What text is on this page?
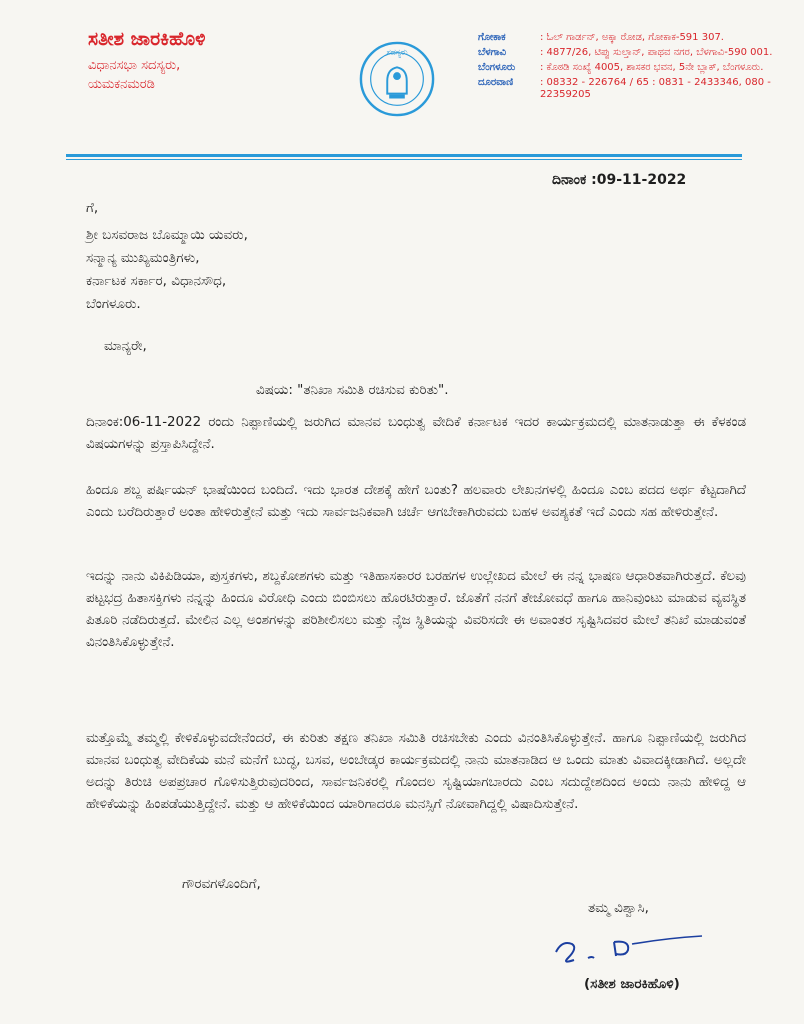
ಸತೀಶ ಜಾರಕಿಹೊಳಿ
ವಿಧಾನಸಭಾ ಸದಸ್ಯರು,
ಯಮಕನಮರಡಿ
ಸದಸ್ಯರು
ಗೋಕಾಕ	: ಓಲ್ ಗಾರ್ಡನ್, ಅಕ್ಕಾ ರೋಡ, ಗೋಕಾಕ-591 307.
ಬೆಳಗಾವಿ	: 4877/26, ಟಿಪ್ಪು ಸುಲ್ತಾನ್, ಪಾಥವ ನಗರ, ಬೆಳಗಾವಿ-590 001.
ಬೆಂಗಳೂರು	: ಕೊಠಡಿ ಸಂಖ್ಯೆ 4005, ಶಾಸಕರ ಭವನ, 5ನೇ ಬ್ಲಾಕ್, ಬೆಂಗಳೂರು.
ದೂರವಾಣಿ	: 08332 - 226764 / 65 : 0831 - 2433346, 080 - 22359205
ದಿನಾಂಕ :09-11-2022
ಗೆ,
ಶ್ರೀ ಬಸವರಾಜ ಬೊಮ್ಮಾಯಿ ಯವರು,
ಸನ್ಮಾನ್ಯ ಮುಖ್ಯಮಂತ್ರಿಗಳು,
ಕರ್ನಾಟಕ ಸರ್ಕಾರ, ವಿಧಾನಸೌಧ,
ಬೆಂಗಳೂರು.
ಮಾನ್ಯರೇ,
ವಿಷಯ: "ತನಿಖಾ ಸಮಿತಿ ರಚಿಸುವ ಕುರಿತು".
ದಿನಾಂಕ:06-11-2022 ರಂದು ನಿಪ್ಪಾಣಿಯಲ್ಲಿ ಜರುಗಿದ ಮಾನವ ಬಂಧುತ್ವ ವೇದಿಕೆ ಕರ್ನಾಟಕ ಇದರ ಕಾರ್ಯಕ್ರಮದಲ್ಲಿ ಮಾತನಾಡುತ್ತಾ ಈ ಕೆಳಕಂಡ ವಿಷಯಗಳನ್ನು ಪ್ರಸ್ತಾಪಿಸಿದ್ದೇನೆ.
ಹಿಂದೂ ಶಬ್ದ ಪರ್ಷಿಯನ್ ಭಾಷೆಯಿಂದ ಬಂದಿದೆ. ಇದು ಭಾರತ ದೇಶಕ್ಕೆ ಹೇಗೆ ಬಂತು? ಹಲವಾರು ಲೇಖನಗಳಲ್ಲಿ ಹಿಂದೂ ಎಂಬ ಪದದ ಅರ್ಥ ಕೆಟ್ಟದಾಗಿದೆ ಎಂದು ಬರೆದಿರುತ್ತಾರೆ ಅಂತಾ ಹೇಳಿರುತ್ತೇನೆ ಮತ್ತು ಇದು ಸಾರ್ವಜನಿಕವಾಗಿ ಚರ್ಚೆ ಆಗಬೇಕಾಗಿರುವದು ಬಹಳ ಅವಶ್ಯಕತೆ ಇದೆ ಎಂದು ಸಹ ಹೇಳಿರುತ್ತೇನೆ.
ಇದನ್ನು ನಾನು ವಿಕಿಪಿಡಿಯಾ, ಪುಸ್ತಕಗಳು, ಶಬ್ದಕೋಶಗಳು ಮತ್ತು ಇತಿಹಾಸಕಾರರ ಬರಹಗಳ ಉಲ್ಲೇಖದ ಮೇಲೆ ಈ ನನ್ನ ಭಾಷಣ ಆಧಾರಿತವಾಗಿರುತ್ತದೆ. ಕೆಲವು ಪಟ್ಟಭದ್ರ ಹಿತಾಸಕ್ತಿಗಳು ನನ್ನನ್ನು ಹಿಂದೂ ವಿರೋಧಿ ಎಂದು ಬಿಂಬಿಸಲು ಹೊರಟಿರುತ್ತಾರೆ. ಜೊತೆಗೆ ನನಗೆ ತೇಜೋವಧೆ ಹಾಗೂ ಹಾನಿವುಂಟು ಮಾಡುವ ವ್ಯವಸ್ಥಿತ ಪಿತೂರಿ ನಡೆದಿರುತ್ತದೆ. ಮೇಲಿನ ಎಲ್ಲ ಅಂಶಗಳನ್ನು ಪರಿಶೀಲಿಸಲು ಮತ್ತು ನೈಜ ಸ್ಥಿತಿಯನ್ನು ವಿವರಿಸದೇ ಈ ಅವಾಂತರ ಸೃಷ್ಟಿಸಿದವರ ಮೇಲೆ ತನಿಖೆ ಮಾಡುವಂತೆ ವಿನಂತಿಸಿಕೊಳ್ಳುತ್ತೇನೆ.
ಮತ್ತೊಮ್ಮೆ ತಮ್ಮಲ್ಲಿ ಕೇಳಿಕೊಳ್ಳುವದೇನೆಂದರೆ, ಈ ಕುರಿತು ತಕ್ಷಣ ತನಿಖಾ ಸಮಿತಿ ರಚಿಸಬೇಕು ಎಂದು ವಿನಂತಿಸಿಕೊಳ್ಳುತ್ತೇನೆ. ಹಾಗೂ ನಿಪ್ಪಾಣಿಯಲ್ಲಿ ಜರುಗಿದ ಮಾನವ ಬಂಧುತ್ವ ವೇದಿಕೆಯ ಮನೆ ಮನೆಗೆ ಬುದ್ಧ, ಬಸವ, ಅಂಬೇಡ್ಕರ ಕಾರ್ಯಕ್ರಮದಲ್ಲಿ ನಾನು ಮಾತನಾಡಿದ ಆ ಒಂದು ಮಾತು ವಿವಾದಕ್ಕೀಡಾಗಿದೆ. ಅಲ್ಲದೇ ಅದನ್ನು ತಿರುಚಿ ಅಪಪ್ರಚಾರ ಗೊಳಿಸುತ್ತಿರುವುದರಿಂದ, ಸಾರ್ವಜನಿಕರಲ್ಲಿ ಗೊಂದಲ ಸೃಷ್ಟಿಯಾಗಬಾರದು ಎಂಬ ಸದುದ್ದೇಶದಿಂದ ಅಂದು ನಾನು ಹೇಳಿದ್ದ ಆ ಹೇಳಿಕೆಯನ್ನು ಹಿಂಪಡೆಯುತ್ತಿದ್ದೇನೆ. ಮತ್ತು ಆ ಹೇಳಿಕೆಯಿಂದ ಯಾರಿಗಾದರೂ ಮನಸ್ಸಿಗೆ ನೋವಾಗಿದ್ದಲ್ಲಿ ವಿಷಾದಿಸುತ್ತೇನೆ.
ಗೌರವಗಳೊಂದಿಗೆ,
ತಮ್ಮ ವಿಶ್ವಾಸಿ,
(ಸತೀಶ ಜಾರಕಿಹೊಳಿ)
